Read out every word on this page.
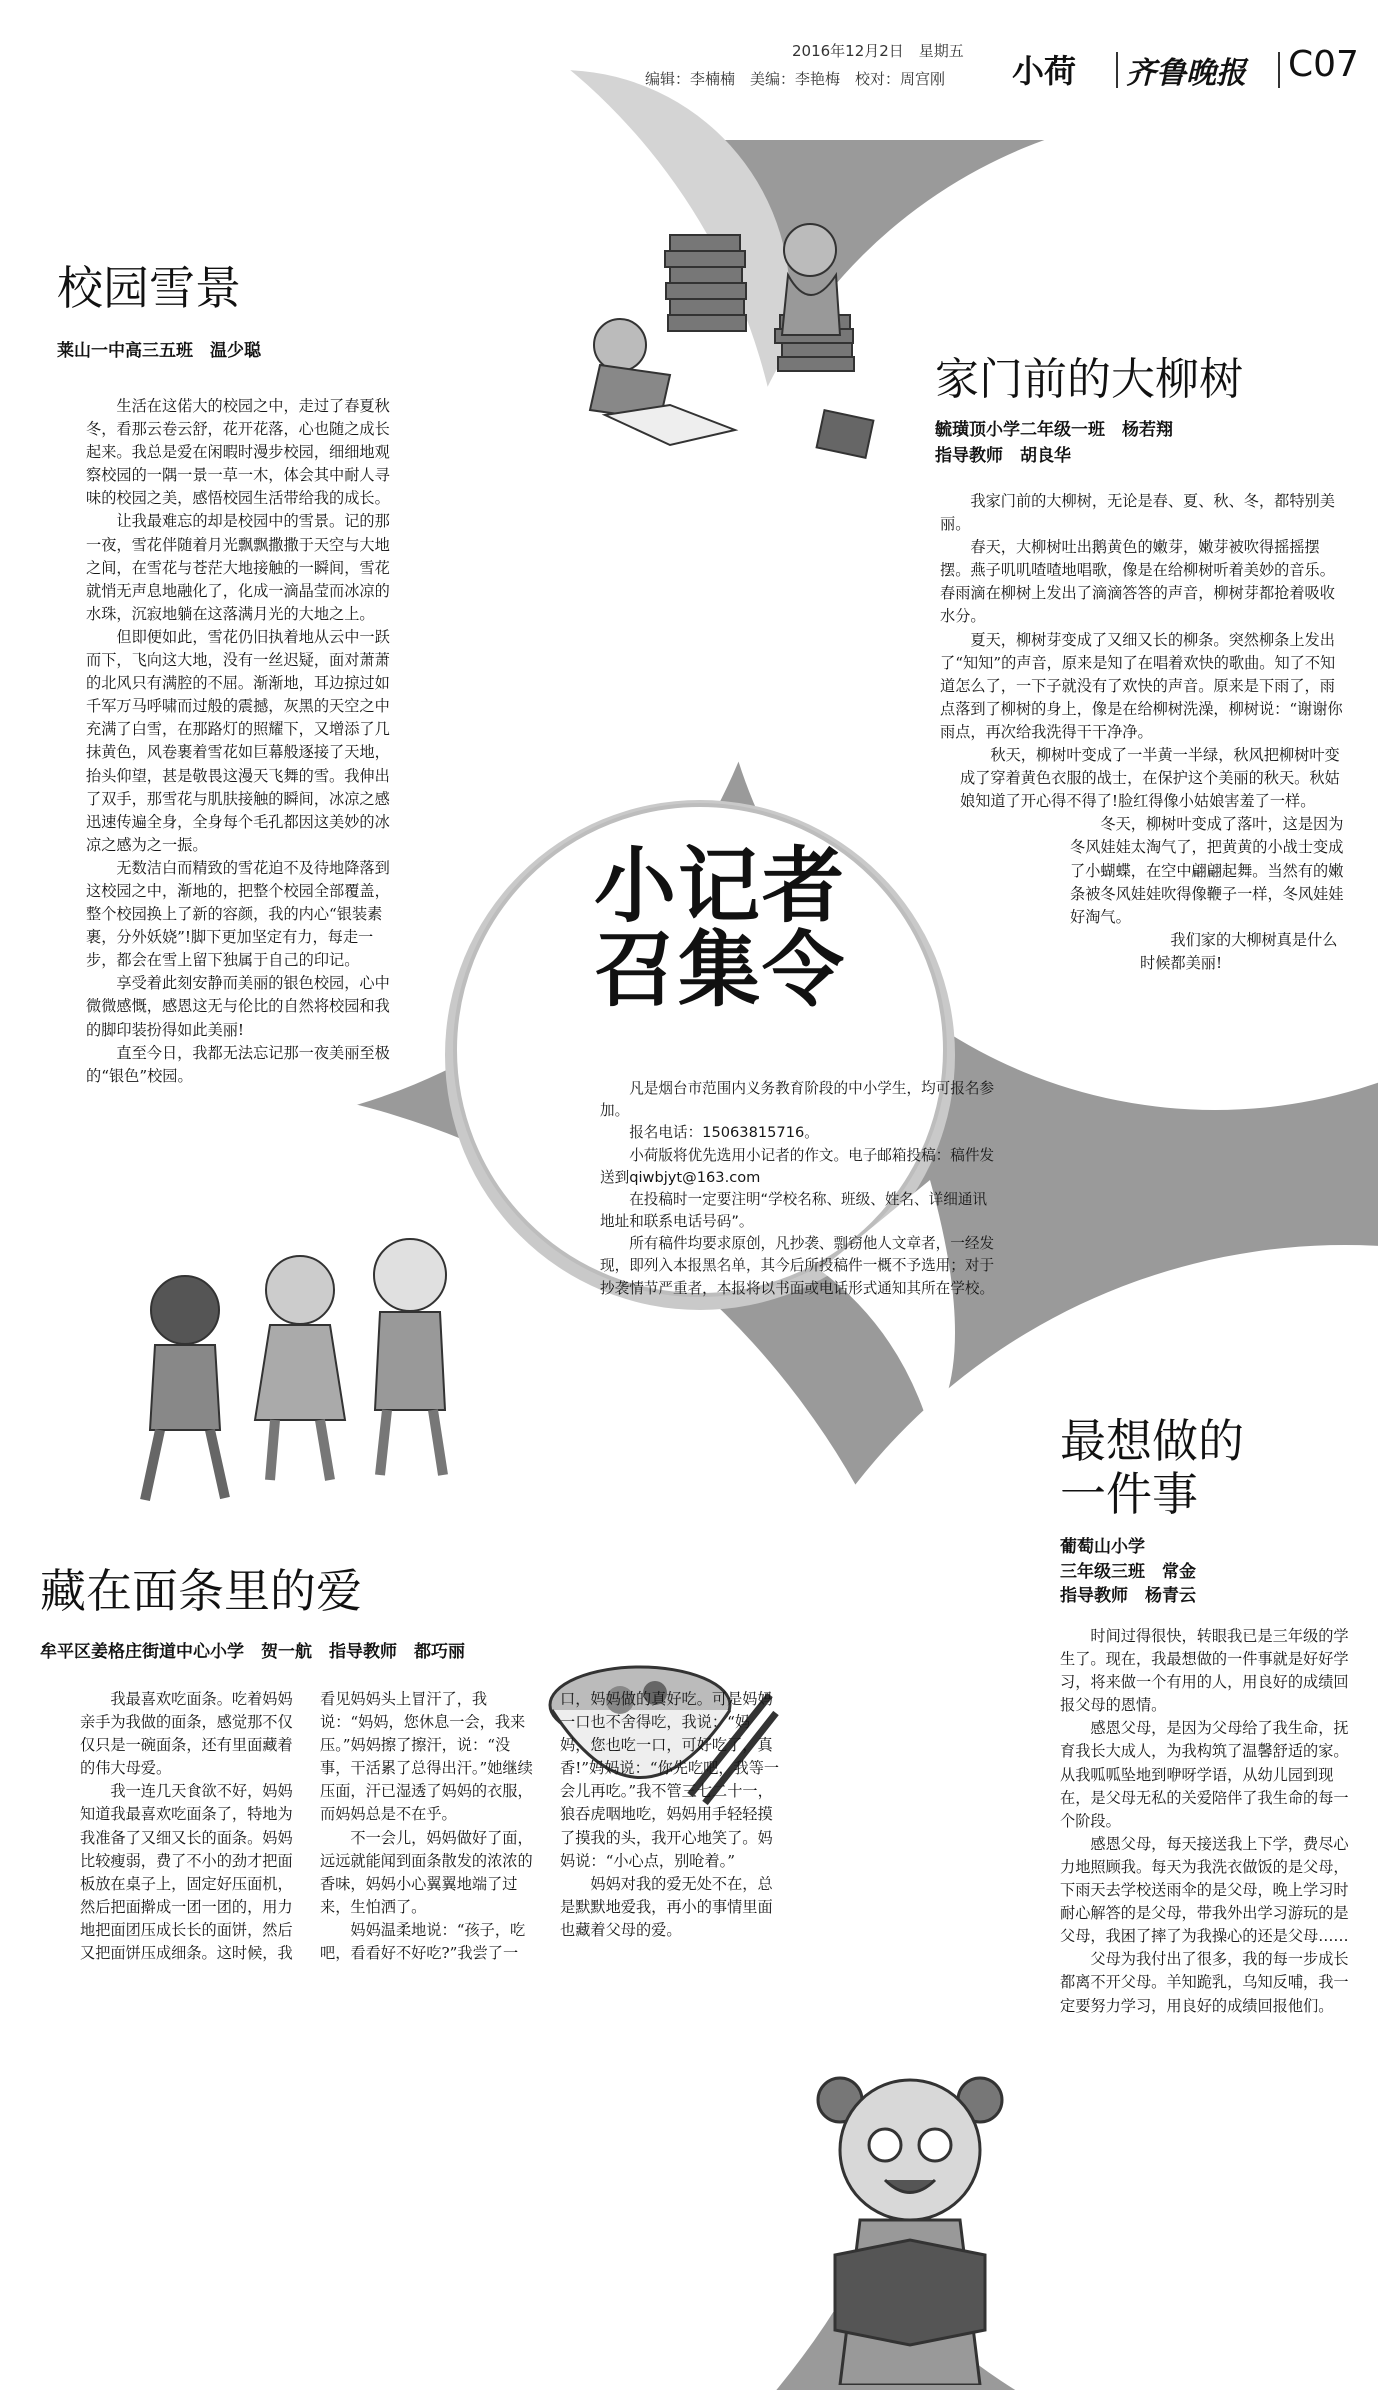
2016年12月2日　星期五
编辑：李楠楠　美编：李艳梅　校对：周宫刚 小荷 齐鲁晚报 C07
校园雪景
莱山一中高三五班　温少聪

生活在这偌大的校园之中，走过了春夏秋冬，看那云卷云舒，花开花落，心也随之成长起来。我总是爱在闲暇时漫步校园，细细地观察校园的一隅一景一草一木，体会其中耐人寻味的校园之美，感悟校园生活带给我的成长。

让我最难忘的却是校园中的雪景。记的那一夜，雪花伴随着月光飘飘撒撒于天空与大地之间，在雪花与苍茫大地接触的一瞬间，雪花就悄无声息地融化了，化成一滴晶莹而冰凉的水珠，沉寂地躺在这落满月光的大地之上。

但即便如此，雪花仍旧执着地从云中一跃而下，飞向这大地，没有一丝迟疑，面对萧萧的北风只有满腔的不屈。渐渐地，耳边掠过如千军万马呼啸而过般的震撼，灰黑的天空之中充满了白雪，在那路灯的照耀下，又增添了几抹黄色，风卷裹着雪花如巨幕般逐接了天地，抬头仰望，甚是敬畏这漫天飞舞的雪。我伸出了双手，那雪花与肌肤接触的瞬间，冰凉之感迅速传遍全身，全身每个毛孔都因这美妙的冰凉之感为之一振。

无数洁白而精致的雪花迫不及待地降落到这校园之中，渐地的，把整个校园全部覆盖，整个校园换上了新的容颜，我的内心“银装素裹，分外妖娆”!脚下更加坚定有力，每走一步，都会在雪上留下独属于自己的印记。

享受着此刻安静而美丽的银色校园，心中微微感慨，感恩这无与伦比的自然将校园和我的脚印装扮得如此美丽!

直至今日，我都无法忘记那一夜美丽至极的“银色”校园。

家门前的大柳树
毓璜顶小学二年级一班　杨若翔
指导教师　胡良华

我家门前的大柳树，无论是春、夏、秋、冬，都特别美丽。

春天，大柳树吐出鹅黄色的嫩芽，嫩芽被吹得摇摇摆摆。燕子叽叽喳喳地唱歌，像是在给柳树听着美妙的音乐。春雨滴在柳树上发出了滴滴答答的声音，柳树芽都抢着吸收水分。

夏天，柳树芽变成了又细又长的柳条。突然柳条上发出了“知知”的声音，原来是知了在唱着欢快的歌曲。知了不知道怎么了，一下子就没有了欢快的声音。原来是下雨了，雨点落到了柳树的身上，像是在给柳树洗澡，柳树说：“谢谢你雨点，再次给我洗得干干净净。

秋天，柳树叶变成了一半黄一半绿，秋风把柳树叶变成了穿着黄色衣服的战士，在保护这个美丽的秋天。秋姑娘知道了开心得不得了!脸红得像小姑娘害羞了一样。

冬天，柳树叶变成了落叶，这是因为冬风娃娃太淘气了，把黄黄的小战士变成了小蝴蝶，在空中翩翩起舞。当然有的嫩条被冬风娃娃吹得像鞭子一样，冬风娃娃好淘气。

我们家的大柳树真是什么时候都美丽!

小记者
召集令

凡是烟台市范围内义务教育阶段的中小学生，均可报名参加。

报名电话：15063815716。

小荷版将优先选用小记者的作文。电子邮箱投稿：稿件发送到qiwbjyt@163.com

在投稿时一定要注明“学校名称、班级、姓名、详细通讯地址和联系电话号码”。

所有稿件均要求原创，凡抄袭、剽窃他人文章者，一经发现，即列入本报黑名单，其今后所投稿件一概不予选用；对于抄袭情节严重者，本报将以书面或电话形式通知其所在学校。

藏在面条里的爱
牟平区姜格庄街道中心小学　贺一航　指导教师　都巧丽

我最喜欢吃面条。吃着妈妈亲手为我做的面条，感觉那不仅仅只是一碗面条，还有里面藏着的伟大母爱。

我一连几天食欲不好，妈妈知道我最喜欢吃面条了，特地为我准备了又细又长的面条。妈妈比较瘦弱，费了不小的劲才把面板放在桌子上，固定好压面机，然后把面擀成一团一团的，用力地把面团压成长长的面饼，然后又把面饼压成细条。这时候，我看见妈妈头上冒汗了，我说：“妈妈，您休息一会，我来压。”妈妈擦了擦汗，说：“没事，干活累了总得出汗。”她继续压面，汗已湿透了妈妈的衣服，而妈妈总是不在乎。

不一会儿，妈妈做好了面，远远就能闻到面条散发的浓浓的香味，妈妈小心翼翼地端了过来，生怕洒了。

妈妈温柔地说：“孩子，吃吧，看看好不好吃?”我尝了一口，妈妈做的真好吃。可是妈妈一口也不舍得吃，我说：“妈妈，您也吃一口，可好吃了，真香!”妈妈说：“你先吃吧，我等一会儿再吃。”我不管三七二十一，狼吞虎咽地吃，妈妈用手轻轻摸了摸我的头，我开心地笑了。妈妈说：“小心点，别呛着。”

妈妈对我的爱无处不在，总是默默地爱我，再小的事情里面也藏着父母的爱。

最想做的
一件事
葡萄山小学
三年级三班　常金
指导教师　杨青云

时间过得很快，转眼我已是三年级的学生了。现在，我最想做的一件事就是好好学习，将来做一个有用的人，用良好的成绩回报父母的恩情。

感恩父母，是因为父母给了我生命，抚育我长大成人，为我构筑了温馨舒适的家。从我呱呱坠地到咿呀学语，从幼儿园到现在，是父母无私的关爱陪伴了我生命的每一个阶段。

感恩父母，每天接送我上下学，费尽心力地照顾我。每天为我洗衣做饭的是父母，下雨天去学校送雨伞的是父母，晚上学习时耐心解答的是父母，带我外出学习游玩的是父母，我困了摔了为我操心的还是父母……

父母为我付出了很多，我的每一步成长都离不开父母。羊知跪乳，乌知反哺，我一定要努力学习，用良好的成绩回报他们。
